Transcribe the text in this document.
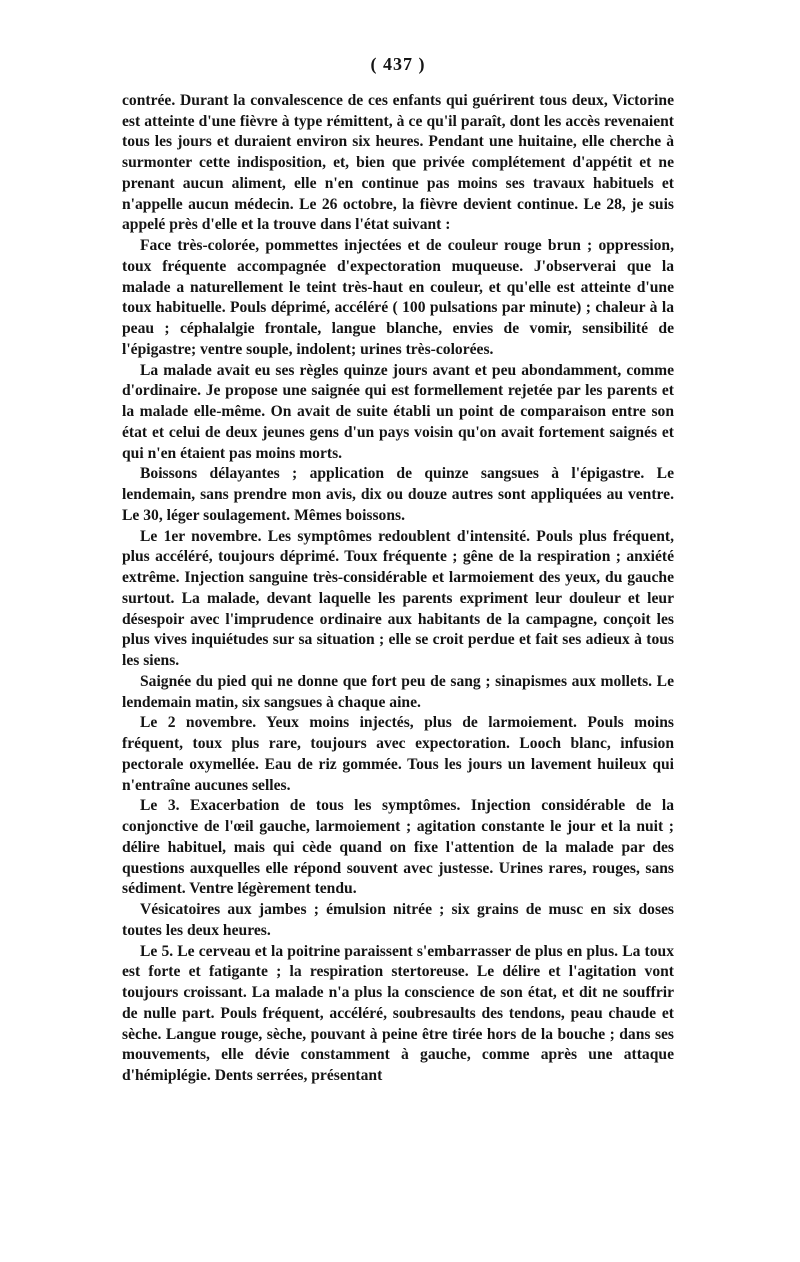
( 437 )

contrée. Durant la convalescence de ces enfants qui guérirent tous deux, Victorine est atteinte d'une fièvre à type rémittent, à ce qu'il paraît, dont les accès revenaient tous les jours et duraient environ six heures. Pendant une huitaine, elle cherche à surmonter cette indisposition, et, bien que privée complétement d'appétit et ne prenant aucun aliment, elle n'en continue pas moins ses travaux habituels et n'appelle aucun médecin. Le 26 octobre, la fièvre devient continue. Le 28, je suis appelé près d'elle et la trouve dans l'état suivant :

Face très-colorée, pommettes injectées et de couleur rouge brun ; oppression, toux fréquente accompagnée d'expectoration muqueuse. J'observerai que la malade a naturellement le teint très-haut en couleur, et qu'elle est atteinte d'une toux habituelle. Pouls déprimé, accéléré ( 100 pulsations par minute) ; chaleur à la peau ; céphalalgie frontale, langue blanche, envies de vomir, sensibilité de l'épigastre; ventre souple, indolent; urines très-colorées.

La malade avait eu ses règles quinze jours avant et peu abondamment, comme d'ordinaire. Je propose une saignée qui est formellement rejetée par les parents et la malade elle-même. On avait de suite établi un point de comparaison entre son état et celui de deux jeunes gens d'un pays voisin qu'on avait fortement saignés et qui n'en étaient pas moins morts.

Boissons délayantes ; application de quinze sangsues à l'épigastre. Le lendemain, sans prendre mon avis, dix ou douze autres sont appliquées au ventre. Le 30, léger soulagement. Mêmes boissons.

Le 1er novembre. Les symptômes redoublent d'intensité. Pouls plus fréquent, plus accéléré, toujours déprimé. Toux fréquente ; gêne de la respiration ; anxiété extrême. Injection sanguine très-considérable et larmoiement des yeux, du gauche surtout. La malade, devant laquelle les parents expriment leur douleur et leur désespoir avec l'imprudence ordinaire aux habitants de la campagne, conçoit les plus vives inquiétudes sur sa situation ; elle se croit perdue et fait ses adieux à tous les siens.

Saignée du pied qui ne donne que fort peu de sang ; sinapismes aux mollets. Le lendemain matin, six sangsues à chaque aine.

Le 2 novembre. Yeux moins injectés, plus de larmoiement. Pouls moins fréquent, toux plus rare, toujours avec expectoration. Looch blanc, infusion pectorale oxymellée. Eau de riz gommée. Tous les jours un lavement huileux qui n'entraîne aucunes selles.

Le 3. Exacerbation de tous les symptômes. Injection considérable de la conjonctive de l'œil gauche, larmoiement ; agitation constante le jour et la nuit ; délire habituel, mais qui cède quand on fixe l'attention de la malade par des questions auxquelles elle répond souvent avec justesse. Urines rares, rouges, sans sédiment. Ventre légèrement tendu.

Vésicatoires aux jambes ; émulsion nitrée ; six grains de musc en six doses toutes les deux heures.

Le 5. Le cerveau et la poitrine paraissent s'embarrasser de plus en plus. La toux est forte et fatigante ; la respiration stertoreuse. Le délire et l'agitation vont toujours croissant. La malade n'a plus la conscience de son état, et dit ne souffrir de nulle part. Pouls fréquent, accéléré, soubresaults des tendons, peau chaude et sèche. Langue rouge, sèche, pouvant à peine être tirée hors de la bouche ; dans ses mouvements, elle dévie constamment à gauche, comme après une attaque d'hémiplégie. Dents serrées, présentant
